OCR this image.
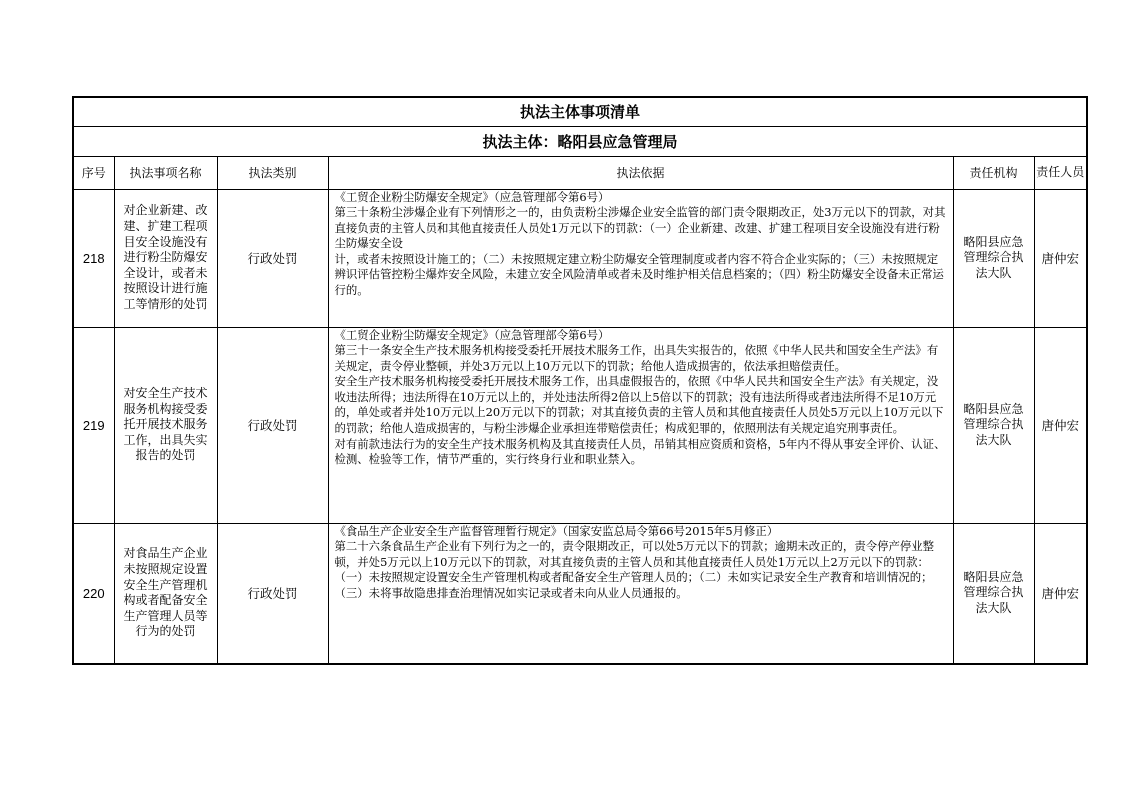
执法主体事项清单					
执法主体：略阳县应急管理局					
序号	执法事项名称	执法类别	执法依据	责任机构	责任人员
218	对企业新建、改建、扩建工程项目安全设施没有进行粉尘防爆安全设计，或者未按照设计进行施工等情形的处罚	行政处罚	《工贸企业粉尘防爆安全规定》（应急管理部令第6号）

第三十条粉尘涉爆企业有下列情形之一的，由负责粉尘涉爆企业安全监管的部门责令限期改正，处3万元以下的罚款，对其直接负责的主管人员和其他直接责任人员处1万元以下的罚款：（一）企业新建、改建、扩建工程项目安全设施没有进行粉尘防爆安全设

计，或者未按照设计施工的；（二）未按照规定建立粉尘防爆安全管理制度或者内容不符合企业实际的；（三）未按照规定辨识评估管控粉尘爆炸安全风险，未建立安全风险清单或者未及时维护相关信息档案的；（四）粉尘防爆安全设备未正常运行的。	略阳县应急管理综合执法大队	唐仲宏
219	对安全生产技术服务机构接受委托开展技术服务工作，出具失实报告的处罚	行政处罚	《工贸企业粉尘防爆安全规定》（应急管理部令第6号）

第三十一条安全生产技术服务机构接受委托开展技术服务工作，出具失实报告的，依照《中华人民共和国安全生产法》有关规定，责令停业整顿，并处3万元以上10万元以下的罚款；给他人造成损害的，依法承担赔偿责任。

安全生产技术服务机构接受委托开展技术服务工作，出具虚假报告的，依照《中华人民共和国安全生产法》有关规定，没收违法所得；违法所得在10万元以上的，并处违法所得2倍以上5倍以下的罚款；没有违法所得或者违法所得不足10万元的，单处或者并处10万元以上20万元以下的罚款；对其直接负责的主管人员和其他直接责任人员处5万元以上10万元以下的罚款；给他人造成损害的，与粉尘涉爆企业承担连带赔偿责任；构成犯罪的，依照刑法有关规定追究刑事责任。

对有前款违法行为的安全生产技术服务机构及其直接责任人员，吊销其相应资质和资格，5年内不得从事安全评价、认证、检测、检验等工作，情节严重的，实行终身行业和职业禁入。	略阳县应急管理综合执法大队	唐仲宏
220	对食品生产企业未按照规定设置安全生产管理机构或者配备安全生产管理人员等行为的处罚	行政处罚	《食品生产企业安全生产监督管理暂行规定》（国家安监总局令第66号2015年5月修正）

第二十六条食品生产企业有下列行为之一的，责令限期改正，可以处5万元以下的罚款；逾期未改正的，责令停产停业整顿，并处5万元以上10万元以下的罚款，对其直接负责的主管人员和其他直接责任人员处1万元以上2万元以下的罚款：（一）未按照规定设置安全生产管理机构或者配备安全生产管理人员的；（二）未如实记录安全生产教育和培训情况的；（三）未将事故隐患排查治理情况如实记录或者未向从业人员通报的。	略阳县应急管理综合执法大队	唐仲宏
